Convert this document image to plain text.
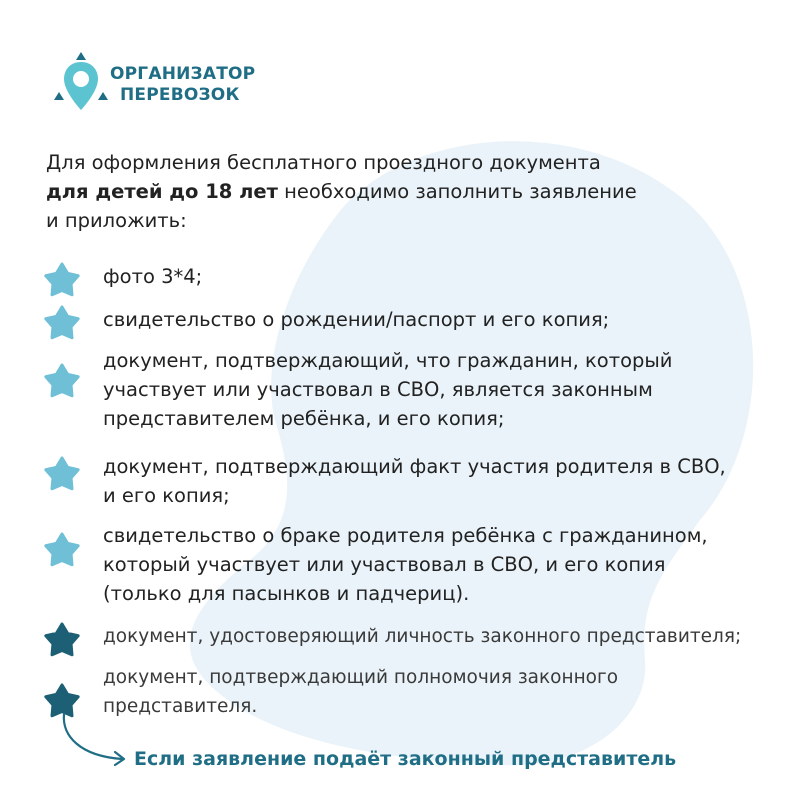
ОРГАНИЗАТОР
ПЕРЕВОЗОК
Для оформления бесплатного проездного документа
для детей до 18 лет необходимо заполнить заявление
и приложить:
фото 3*4;
свидетельство о рождении/паспорт и его копия;
документ, подтверждающий, что гражданин, который
участвует или участвовал в СВО, является законным
представителем ребёнка, и его копия;
документ, подтверждающий факт участия родителя в СВО,
и его копия;
свидетельство о браке родителя ребёнка с гражданином,
который участвует или участвовал в СВО, и его копия
(только для пасынков и падчериц).
документ, удостоверяющий личность законного представителя;
документ, подтверждающий полномочия законного
представителя.
Если заявление подаёт законный представитель
